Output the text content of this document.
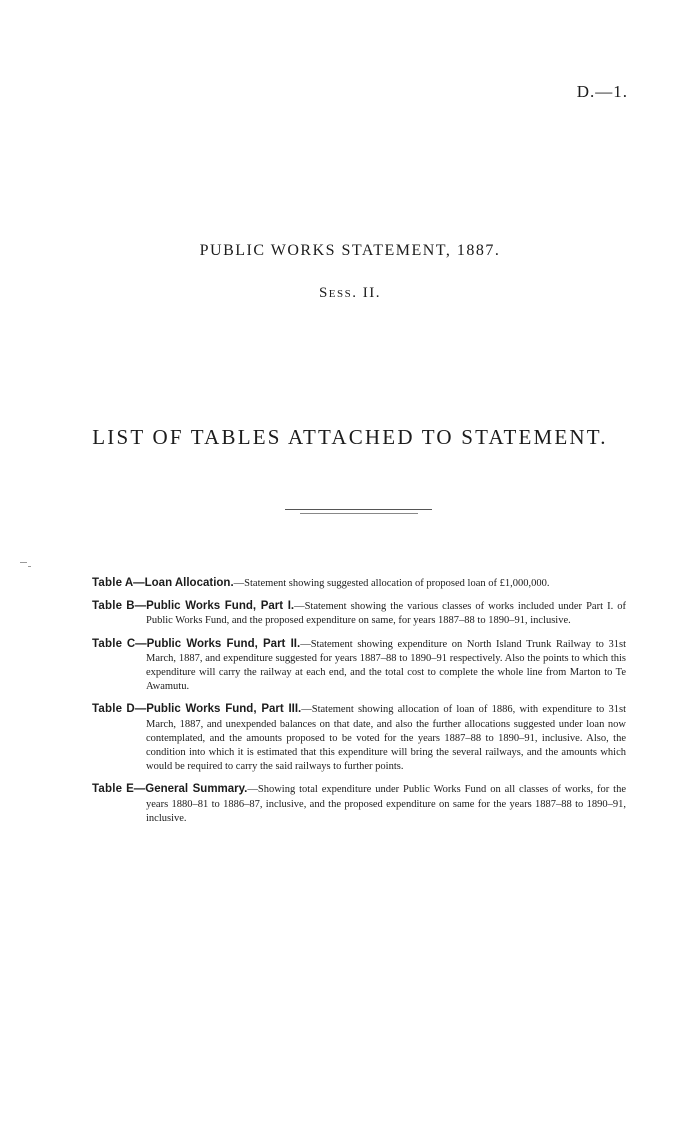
D.—1.
PUBLIC WORKS STATEMENT, 1887.
Sess. II.
LIST OF TABLES ATTACHED TO STATEMENT.
Table A—Loan Allocation.—Statement showing suggested allocation of proposed loan of £1,000,000.
Table B—Public Works Fund, Part I.—Statement showing the various classes of works included under Part I. of Public Works Fund, and the proposed expenditure on same, for years 1887–88 to 1890–91, inclusive.
Table C—Public Works Fund, Part II.—Statement showing expenditure on North Island Trunk Railway to 31st March, 1887, and expenditure suggested for years 1887–88 to 1890–91 respectively. Also the points to which this expenditure will carry the railway at each end, and the total cost to complete the whole line from Marton to Te Awamutu.
Table D—Public Works Fund, Part III.—Statement showing allocation of loan of 1886, with expenditure to 31st March, 1887, and unexpended balances on that date, and also the further allocations suggested under loan now contemplated, and the amounts proposed to be voted for the years 1887–88 to 1890–91, inclusive. Also, the condition into which it is estimated that this expenditure will bring the several railways, and the amounts which would be required to carry the said railways to further points.
Table E—General Summary.—Showing total expenditure under Public Works Fund on all classes of works, for the years 1880–81 to 1886–87, inclusive, and the proposed expenditure on same for the years 1887–88 to 1890–91, inclusive.
